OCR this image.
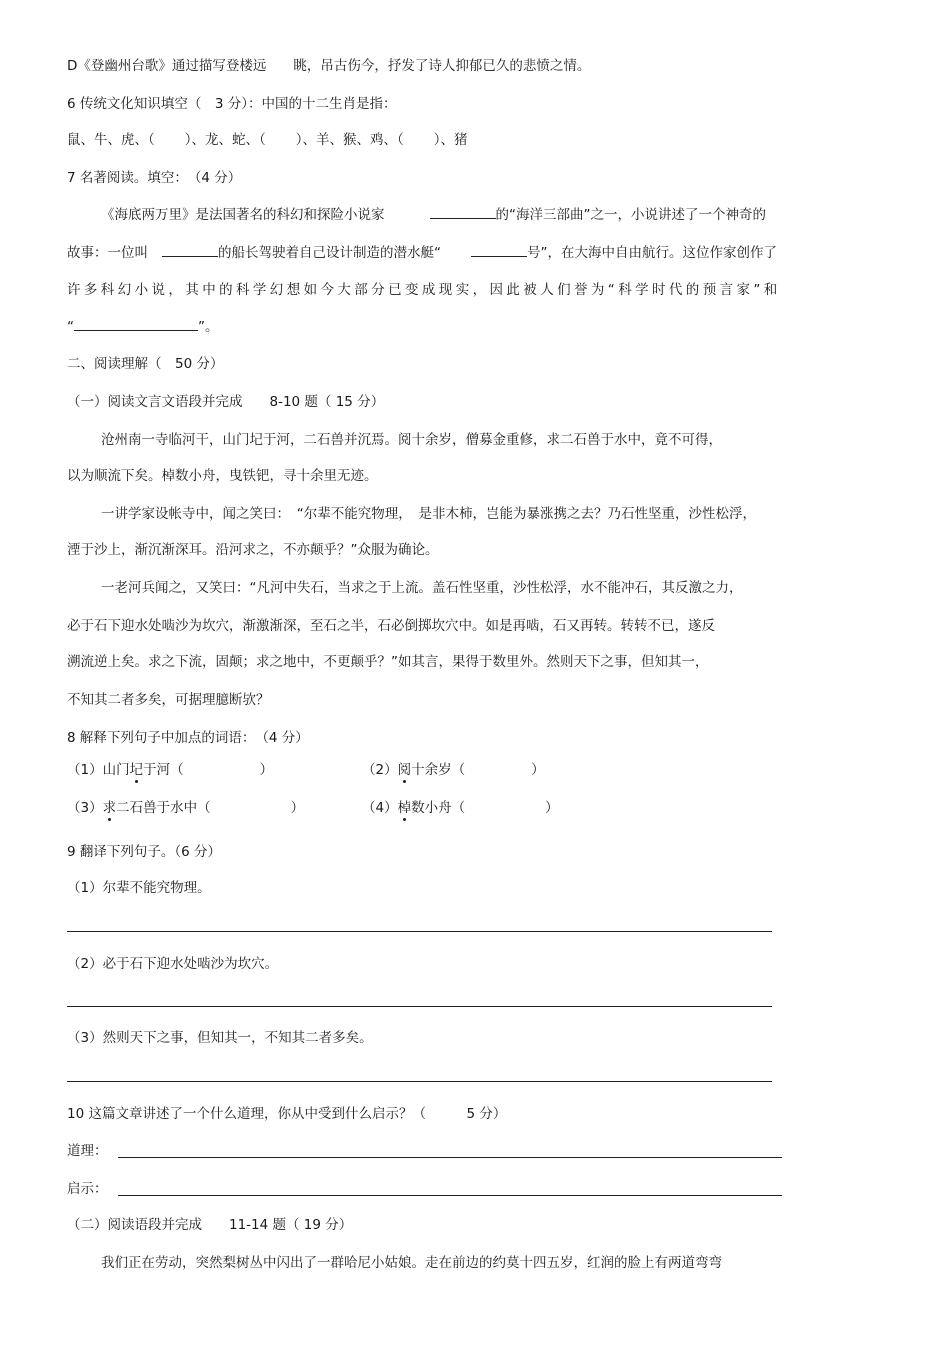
D《登幽州台歌》通过描写登楼远　　眺，吊古伤今，抒发了诗人抑郁已久的悲愤之情。
6 传统文化知识填空（　3 分）：中国的十二生肖是指：
鼠、牛、虎、（ ）、龙、蛇、（ ）、羊、猴、鸡、（ ）、猪
7 名著阅读。填空：　（4 分）
《海底两万里》是法国著名的科幻和探险小说家	的“海洋三部曲”之一，小说讲述了一个神奇的
故事：一位叫	的船长驾驶着自己设计制造的潜水艇“	号”，在大海中自由航行。这位作家创作了
许多科幻小说，其中的科学幻想如今大部分已变成现实，因此被人们誉为“科学时代的预言家”和
“	”。
二、阅读理解（　50 分）
（一）阅读文言文语段并完成　　8-10 题（ 15 分）
沧州南一寺临河干，山门圮于河，二石兽并沉焉。阅十余岁，僧募金重修，求二石兽于水中，竟不可得，
以为顺流下矣。棹数小舟，曳铁钯，寻十余里无迹。
一讲学家设帐寺中，闻之笑曰：　“尔辈不能究物理，　是非木柿，岂能为暴涨携之去？乃石性坚重，沙性松浮，
湮于沙上，渐沉渐深耳。沿河求之，不亦颠乎？”众服为确论。
一老河兵闻之，又笑曰：“凡河中失石，当求之于上流。盖石性坚重，沙性松浮，水不能冲石，其反激之力，
必于石下迎水处啮沙为坎穴，渐激渐深，至石之半，石必倒掷坎穴中。如是再啮，石又再转。转转不已，遂反
溯流逆上矣。求之下流，固颠；求之地中，不更颠乎？”如其言，果得于数里外。然则天下之事，但知其一，
不知其二者多矣，可据理臆断欤？
8 解释下列句子中加点的词语：　（4 分）
（1）山门圮于河（	）	（2）阅十余岁（	）
（3）求二石兽于水中（	）	（4）棹数小舟（	）
9 翻译下列句子。（6 分）
（1）尔辈不能究物理。
（2）必于石下迎水处啮沙为坎穴。
（3）然则天下之事，但知其一，不知其二者多矣。
10 这篇文章讲述了一个什么道理，你从中受到什么启示？（　　　5 分）
道理：
启示：
（二）阅读语段并完成　　11-14 题（ 19 分）
我们正在劳动，突然梨树丛中闪出了一群哈尼小姑娘。走在前边的约莫十四五岁，红润的脸上有两道弯弯
